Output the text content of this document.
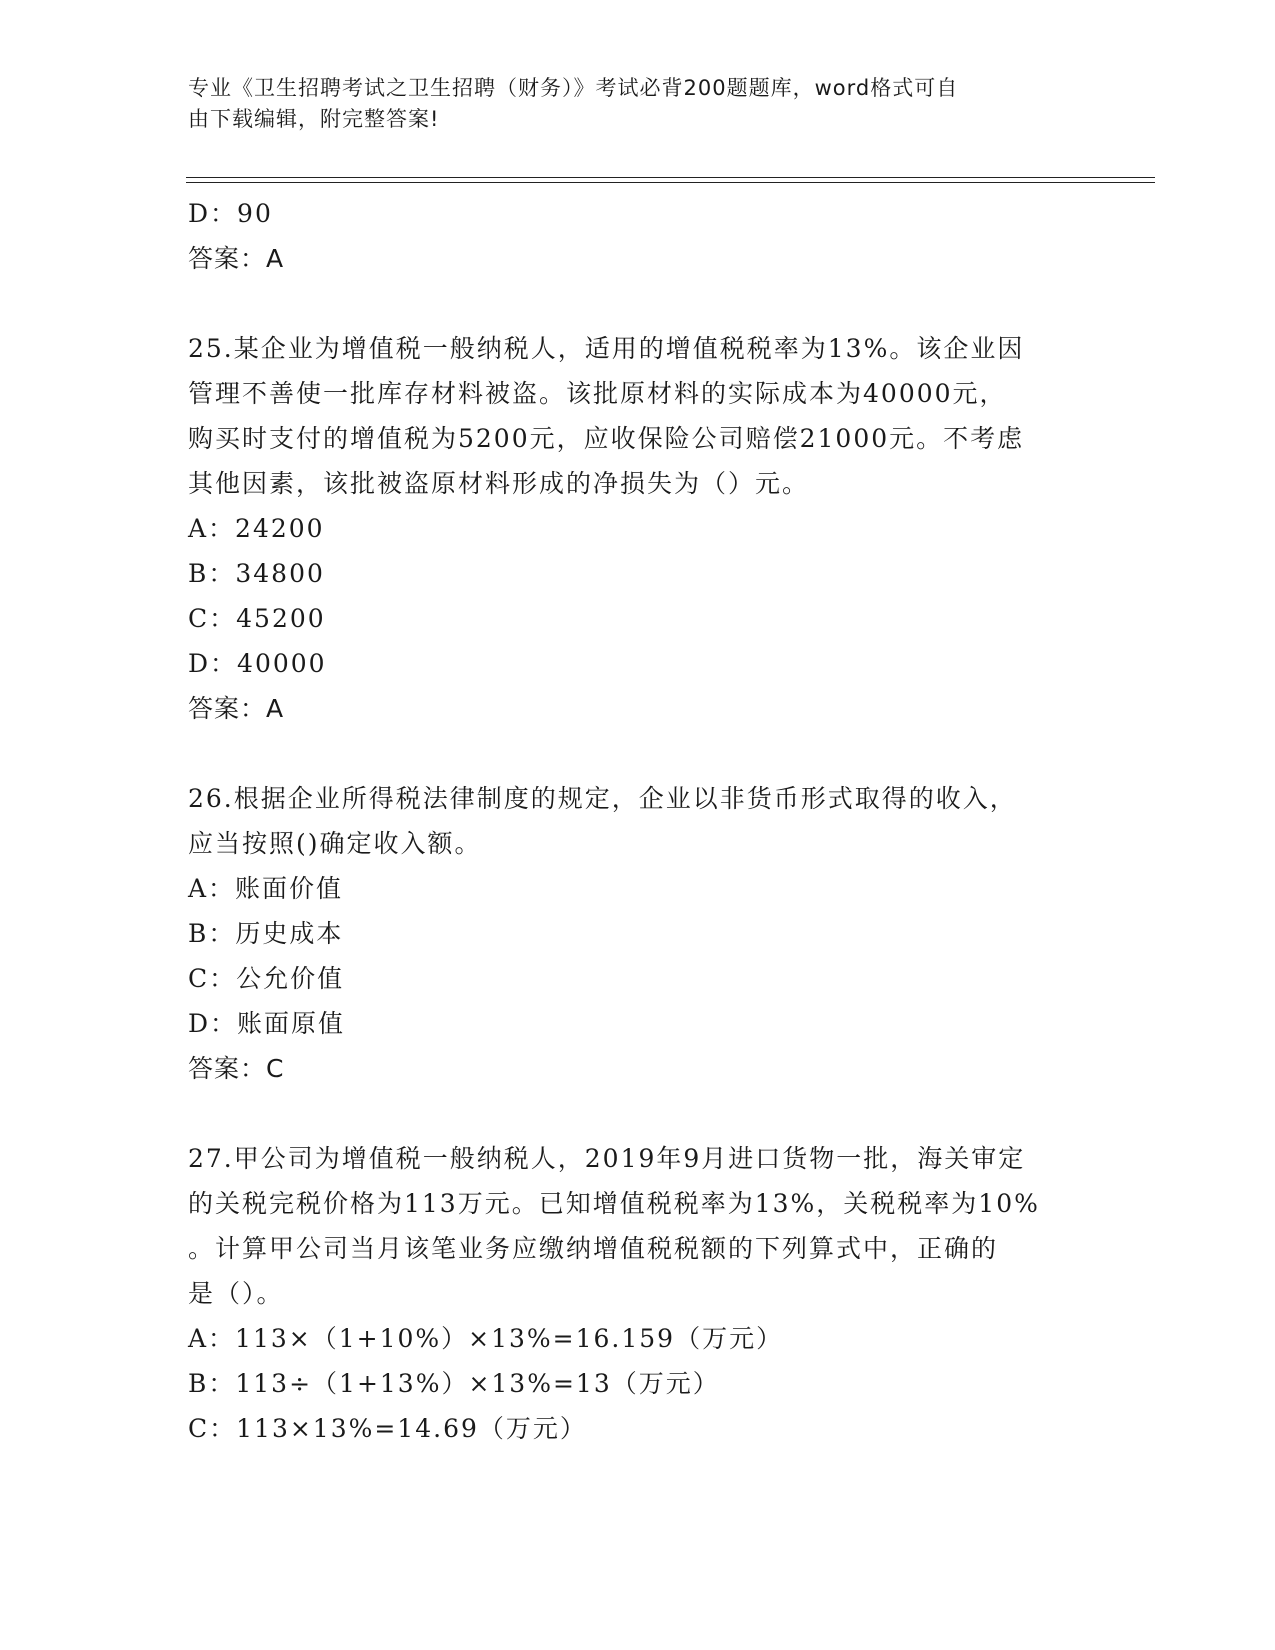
专业《卫生招聘考试之卫生招聘（财务）》考试必背200题题库，word格式可自
由下载编辑，附完整答案!
D：90
答案：A
25.某企业为增值税一般纳税人，适用的增值税税率为13%。该企业因
管理不善使一批库存材料被盗。该批原材料的实际成本为40000元，
购买时支付的增值税为5200元，应收保险公司赔偿21000元。不考虑
其他因素，该批被盗原材料形成的净损失为（）元。
A：24200
B：34800
C：45200
D：40000
答案：A
26.根据企业所得税法律制度的规定，企业以非货币形式取得的收入，
应当按照()确定收入额。
A：账面价值
B：历史成本
C：公允价值
D：账面原值
答案：C
27.甲公司为增值税一般纳税人，2019年9月进口货物一批，海关审定
的关税完税价格为113万元。已知增值税税率为13%，关税税率为10%
。计算甲公司当月该笔业务应缴纳增值税税额的下列算式中，正确的
是（）。
A：113×（1+10%）×13%=16.159（万元）
B：113÷（1+13%）×13%=13（万元）
C：113×13%=14.69（万元）
